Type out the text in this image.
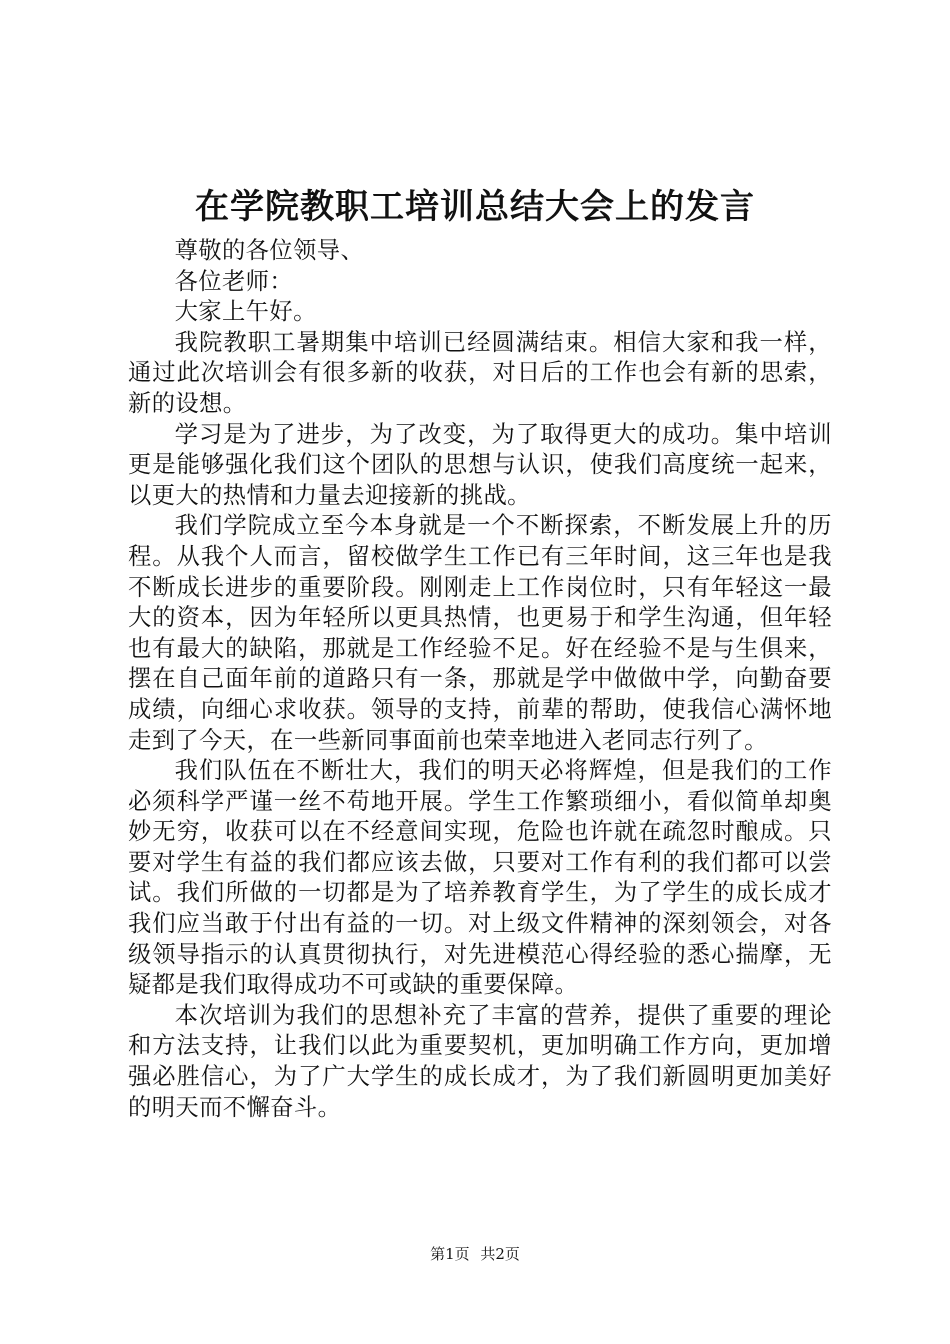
在学院教职工培训总结大会上的发言

尊敬的各位领导、

各位老师：

大家上午好。

我院教职工暑期集中培训已经圆满结束。相信大家和我一样，通过此次培训会有很多新的收获，对日后的工作也会有新的思索，新的设想。

学习是为了进步，为了改变，为了取得更大的成功。集中培训更是能够强化我们这个团队的思想与认识，使我们高度统一起来，以更大的热情和力量去迎接新的挑战。

我们学院成立至今本身就是一个不断探索，不断发展上升的历程。从我个人而言，留校做学生工作已有三年时间，这三年也是我不断成长进步的重要阶段。刚刚走上工作岗位时，只有年轻这一最大的资本，因为年轻所以更具热情，也更易于和学生沟通，但年轻也有最大的缺陷，那就是工作经验不足。好在经验不是与生俱来，摆在自己面年前的道路只有一条，那就是学中做做中学，向勤奋要成绩，向细心求收获。领导的支持，前辈的帮助，使我信心满怀地走到了今天，在一些新同事面前也荣幸地进入老同志行列了。

我们队伍在不断壮大，我们的明天必将辉煌，但是我们的工作必须科学严谨一丝不苟地开展。学生工作繁琐细小，看似简单却奥妙无穷，收获可以在不经意间实现，危险也许就在疏忽时酿成。只要对学生有益的我们都应该去做，只要对工作有利的我们都可以尝试。我们所做的一切都是为了培养教育学生，为了学生的成长成才我们应当敢于付出有益的一切。对上级文件精神的深刻领会，对各级领导指示的认真贯彻执行，对先进模范心得经验的悉心揣摩，无疑都是我们取得成功不可或缺的重要保障。

本次培训为我们的思想补充了丰富的营养，提供了重要的理论和方法支持，让我们以此为重要契机，更加明确工作方向，更加增强必胜信心，为了广大学生的成长成才，为了我们新圆明更加美好的明天而不懈奋斗。

第1页 共2页
